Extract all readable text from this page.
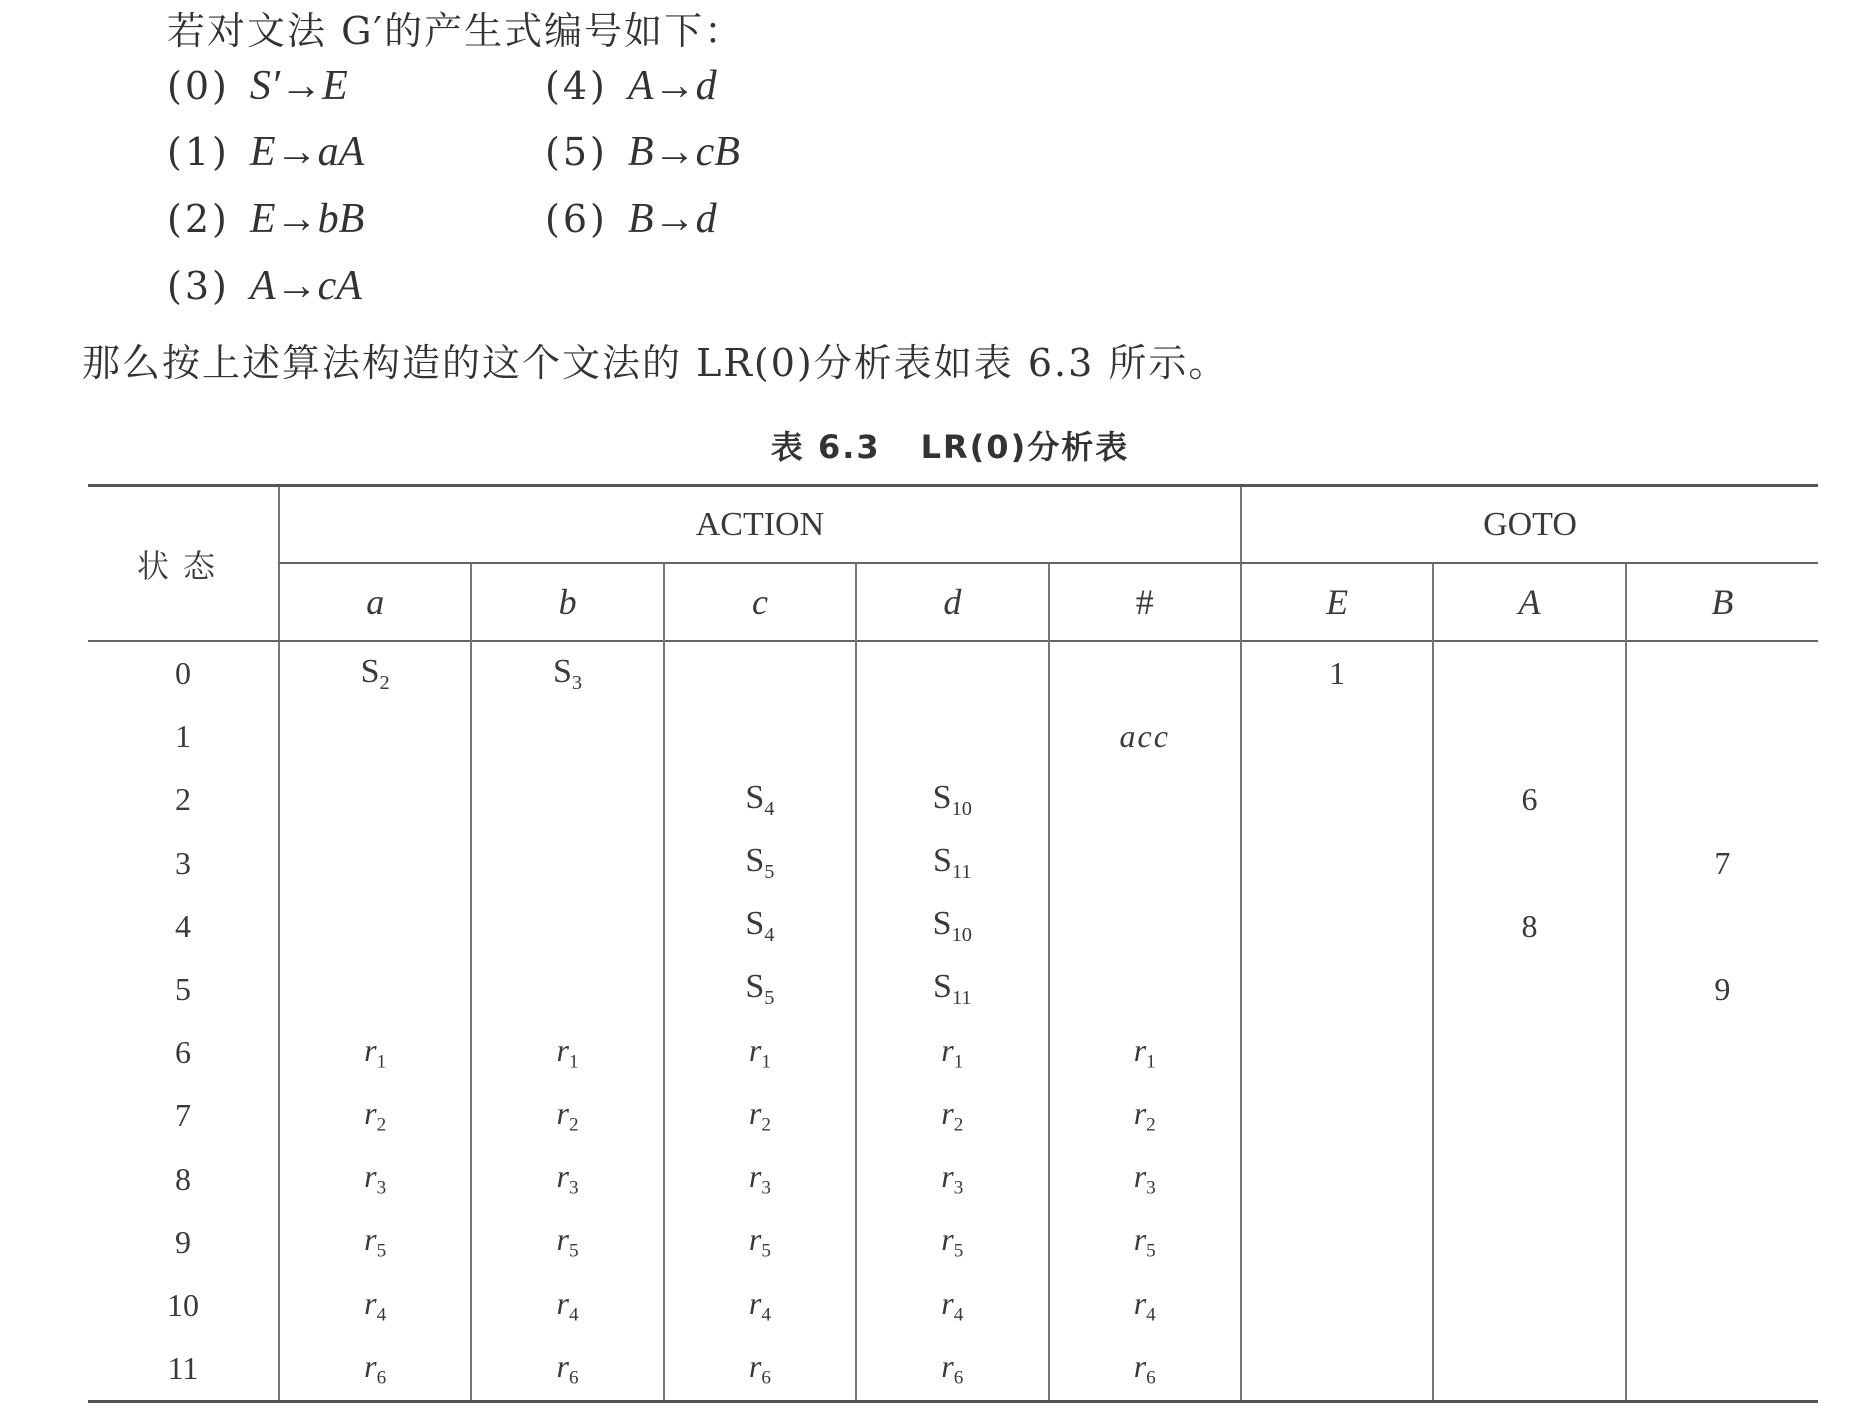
若对文法 G′的产生式编号如下：
(0) S′→E
(1) E→aA
(2) E→bB
(3) A→cA
(4) A→d
(5) B→cB
(6) B→d
那么按上述算法构造的这个文法的 LR(0)分析表如表 6.3 所示。
表 6.3 LR(0)分析表
状态	ACTION					GOTO		
	a	b	c	d	#	E	A	B
0	$S_2$	$S_3$				1		
1					acc			
2			$S_4$	$S_{10}$			6	
3			$S_5$	$S_{11}$				7
4			$S_4$	$S_{10}$			8	
5			$S_5$	$S_{11}$				9
6	$r_1$	$r_1$	$r_1$	$r_1$	$r_1$			
7	$r_2$	$r_2$	$r_2$	$r_2$	$r_2$			
8	$r_3$	$r_3$	$r_3$	$r_3$	$r_3$			
9	$r_5$	$r_5$	$r_5$	$r_5$	$r_5$			
10	$r_4$	$r_4$	$r_4$	$r_4$	$r_4$			
11	$r_6$	$r_6$	$r_6$	$r_6$	$r_6$			
